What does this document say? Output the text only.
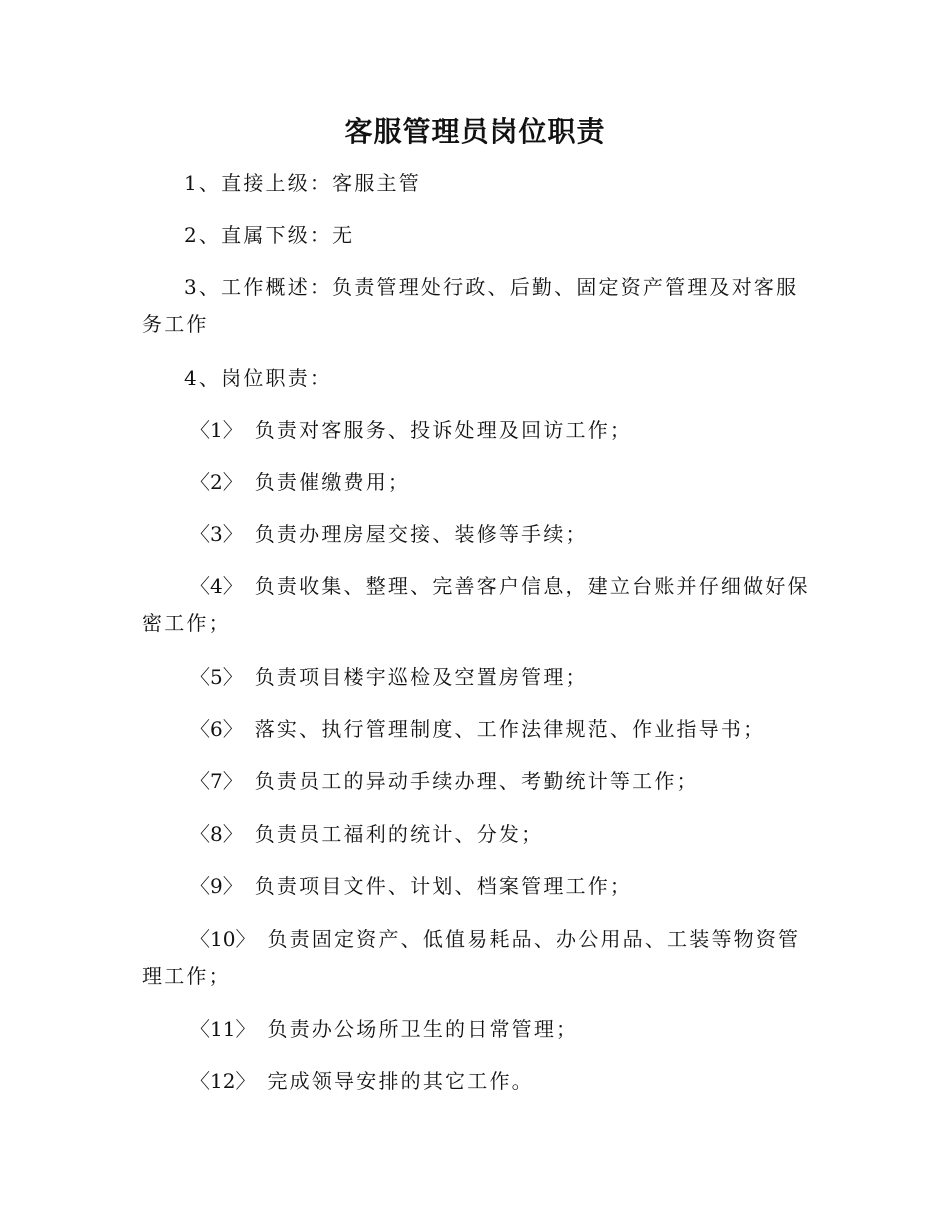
客服管理员岗位职责

1、直接上级：客服主管

2、直属下级：无

3、工作概述：负责管理处行政、后勤、固定资产管理及对客服务工作

4、岗位职责：

〈1〉 负责对客服务、投诉处理及回访工作；

〈2〉 负责催缴费用；

〈3〉 负责办理房屋交接、装修等手续；

〈4〉 负责收集、整理、完善客户信息，建立台账并仔细做好保密工作；

〈5〉 负责项目楼宇巡检及空置房管理；

〈6〉 落实、执行管理制度、工作法律规范、作业指导书；

〈7〉 负责员工的异动手续办理、考勤统计等工作；

〈8〉 负责员工福利的统计、分发；

〈9〉 负责项目文件、计划、档案管理工作；

〈10〉 负责固定资产、低值易耗品、办公用品、工装等物资管理工作；

〈11〉 负责办公场所卫生的日常管理；

〈12〉 完成领导安排的其它工作。
